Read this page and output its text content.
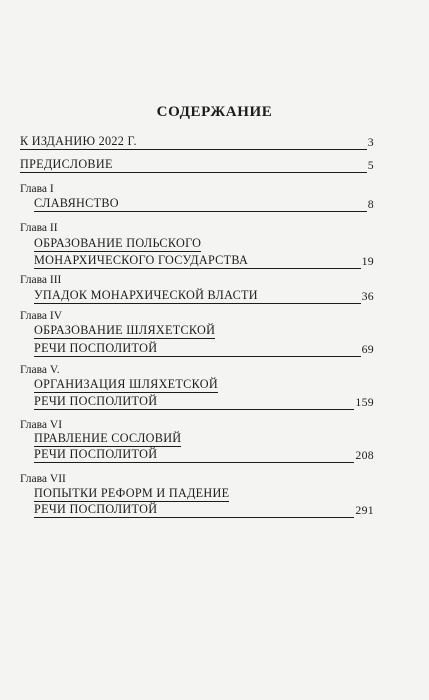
СОДЕРЖАНИЕ
К ИЗДАНИЮ 2022 Г.	3
ПРЕДИСЛОВИЕ	5
Глава I
СЛАВЯНСТВО	8
Глава II
ОБРАЗОВАНИЕ ПОЛЬСКОГО
МОНАРХИЧЕСКОГО ГОСУДАРСТВА	19
Глава III
УПАДОК МОНАРХИЧЕСКОЙ ВЛАСТИ	36
Глава IV
ОБРАЗОВАНИЕ ШЛЯХЕТСКОЙ
РЕЧИ ПОСПОЛИТОЙ	69
Глава V.
ОРГАНИЗАЦИЯ ШЛЯХЕТСКОЙ
РЕЧИ ПОСПОЛИТОЙ	159
Глава VI
ПРАВЛЕНИЕ СОСЛОВИЙ
РЕЧИ ПОСПОЛИТОЙ	208
Глава VII
ПОПЫТКИ РЕФОРМ И ПАДЕНИЕ
РЕЧИ ПОСПОЛИТОЙ	291
